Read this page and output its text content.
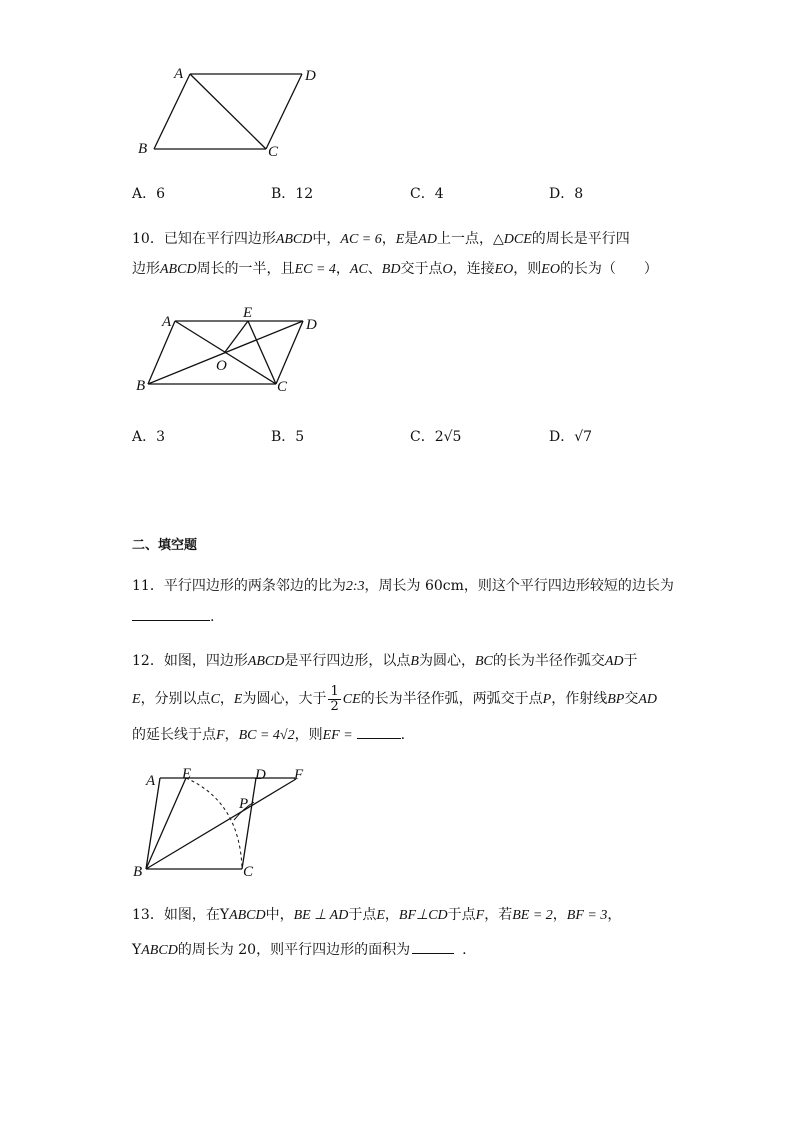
A	D
B	C
A．6	B．12	C．4	D．8
10．已知在平行四边形ABCD中，AC = 6，E是AD上一点，△DCE的周长是平行四
边形ABCD周长的一半，且EC = 4，AC、BD交于点O，连接EO，则EO的长为（　　）
A
E
D
O
B	C
A．3	B．5	C．2√5	D．√7
二、填空题
11．平行四边形的两条邻边的比为2:3，周长为 60cm，则这个平行四边形较短的边长为
.
12．如图，四边形ABCD是平行四边形，以点B为圆心，BC的长为半径作弧交AD于
E，分别以点C，E为圆心，大于 $\frac{1}{2}$ CE的长为半径作弧，两弧交于点P，作射线BP交AD
的延长线于点F，BC = 4√2，则EF =	.
A E	D F
P
B	C
13．如图，在YABCD中，BE ⊥ AD于点E，BF⊥CD于点F，若BE = 2，BF = 3，
YABCD的周长为 20，则平行四边形的面积为	.
